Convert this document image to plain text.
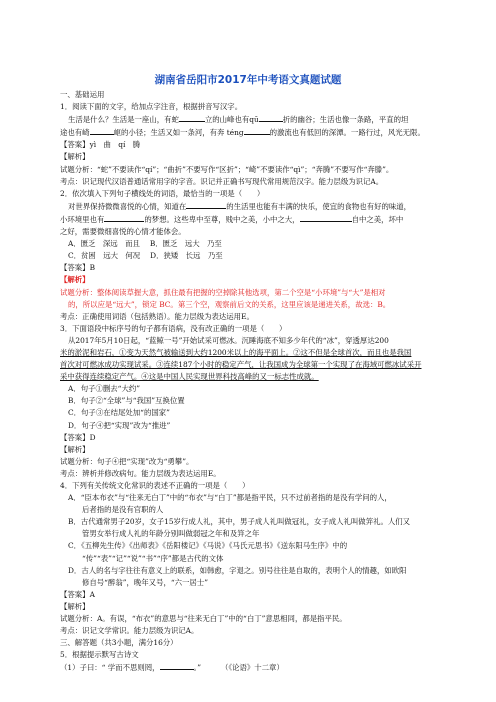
湖南省岳阳市2017年中考语文真题试题
一、基础运用
1．阅读下面的文字，给加点字注音，根据拼音写汉字。
生活是什么？生活是一座山，有蛇	立的山峰也有qū	折的幽谷；生活也像一条路，平直的坦
途也有崎	岖的小径；生活又如一条河，有奔 téng	的激流也有低回的深潭。一路行过，风光无限。
【答案】yì　曲　qí　腾
【解析】
试题分析：“蛇”不要读作“qí”；“曲折”不要写作“区折”；“崎”不要读作“qì”；“奔腾”不要写作“奔滕”。
考点：识记现代汉语普通话常用字的字音。识记并正确书写现代常用规范汉字。能力层级为识记A。
2．依次填入下列句子横线处的词语，最恰当的一项是（　　）
对世界保持微微喜悦的心情，知道在	的生活里也能有丰满的快乐，使宜的食物也有好的味道，
小环境里也有	的梦想。这些卑中至尊，贱中之美，小中之大，	自中之美，坏中
之好，需要微细喜悦的心情才能体会。
A．匮乏　深远　而且 B．匮乏　远大　乃至
C．贫困　远大　何况 D．狭矮　长远　乃至
【答案】B
【解析】
试题分析：整体阅读草握大意，抓住最有把握的空掉除其他选项，第二个空是“小环境”与“大”是相对
的，所以应是“远大”，锁定 BC。第三个空，观察前后文的关系，这里应该是递进关系，故选：B。
考点：正确使用词语（包括熟语）。能力层级为表达运用E。
3．下面语段中标序号的句子都有语病，没有改正确的一项是（　　）
从2017年5月10日起，“蓝鲸一号”开始试采可燃冰。沉睡海底不知多少年代的“冰”，穿透厚达200
米的淤泥和岩石，①变为天然气被输送到大约1200米以上的海平面上。②这不但是全球首次，而且也是我国
首次对可燃冰成功实现试采。③连续187个小时的稳定产气，让我国成为全球第一个实现了在海域可燃冰试采开
采中获得连续稳定产气。④这是中国人民实现世界科技高峰的又一标志性成就。
A．句子①删去“大约”
B．句子②“全球”与“我国”互换位置
C．句子③在结尾处加“的国家”
D．句子④把“实现”改为“推进”
【答案】D
【解析】
试题分析：句子④把“实现”改为“勇攀”。
考点：辨析并修改病句。能力层级为表达运用E。
4．下列有关传统文化常识的表述不正确的一项是（　　）
A．“臣本布衣”与“往来无白丁”中的“布衣”与“白丁”都是指平民，只不过前者指的是没有学问的人，
后者指的是没有官职的人
B．古代通常男子20岁，女子15岁行成人礼，其中，男子成人礼叫做冠礼，女子成人礼叫做笄礼。人们又
管男女举行成人礼的年龄分别叫做弱冠之年和及笄之年
C．《五柳先生传》《出师表》《岳阳楼记》《马说》《马氏元思书》《送东阳马生序》中的
“传”“表”“记”“说”“书”“序”都是古代的文体
D．古人的名与字往往有意义上的联系，如韩愈，字退之。别号往往是自取的，表明个人的情趣，如欧阳
修自号“醉翁”，晚年又号，“六一居士”
【答案】A
【解析】
试题分析：A。有误，“布衣”的意思与“往来无白丁”中的“白丁”意思相同，都是指平民。
考点：识记文学常识。能力层级为识记A。
三、解答题（共3小题，满分16分）
5．根据提示默写古诗文
（1）子曰：“ 学而不思则罔，	。”	（《论语》十二章）
